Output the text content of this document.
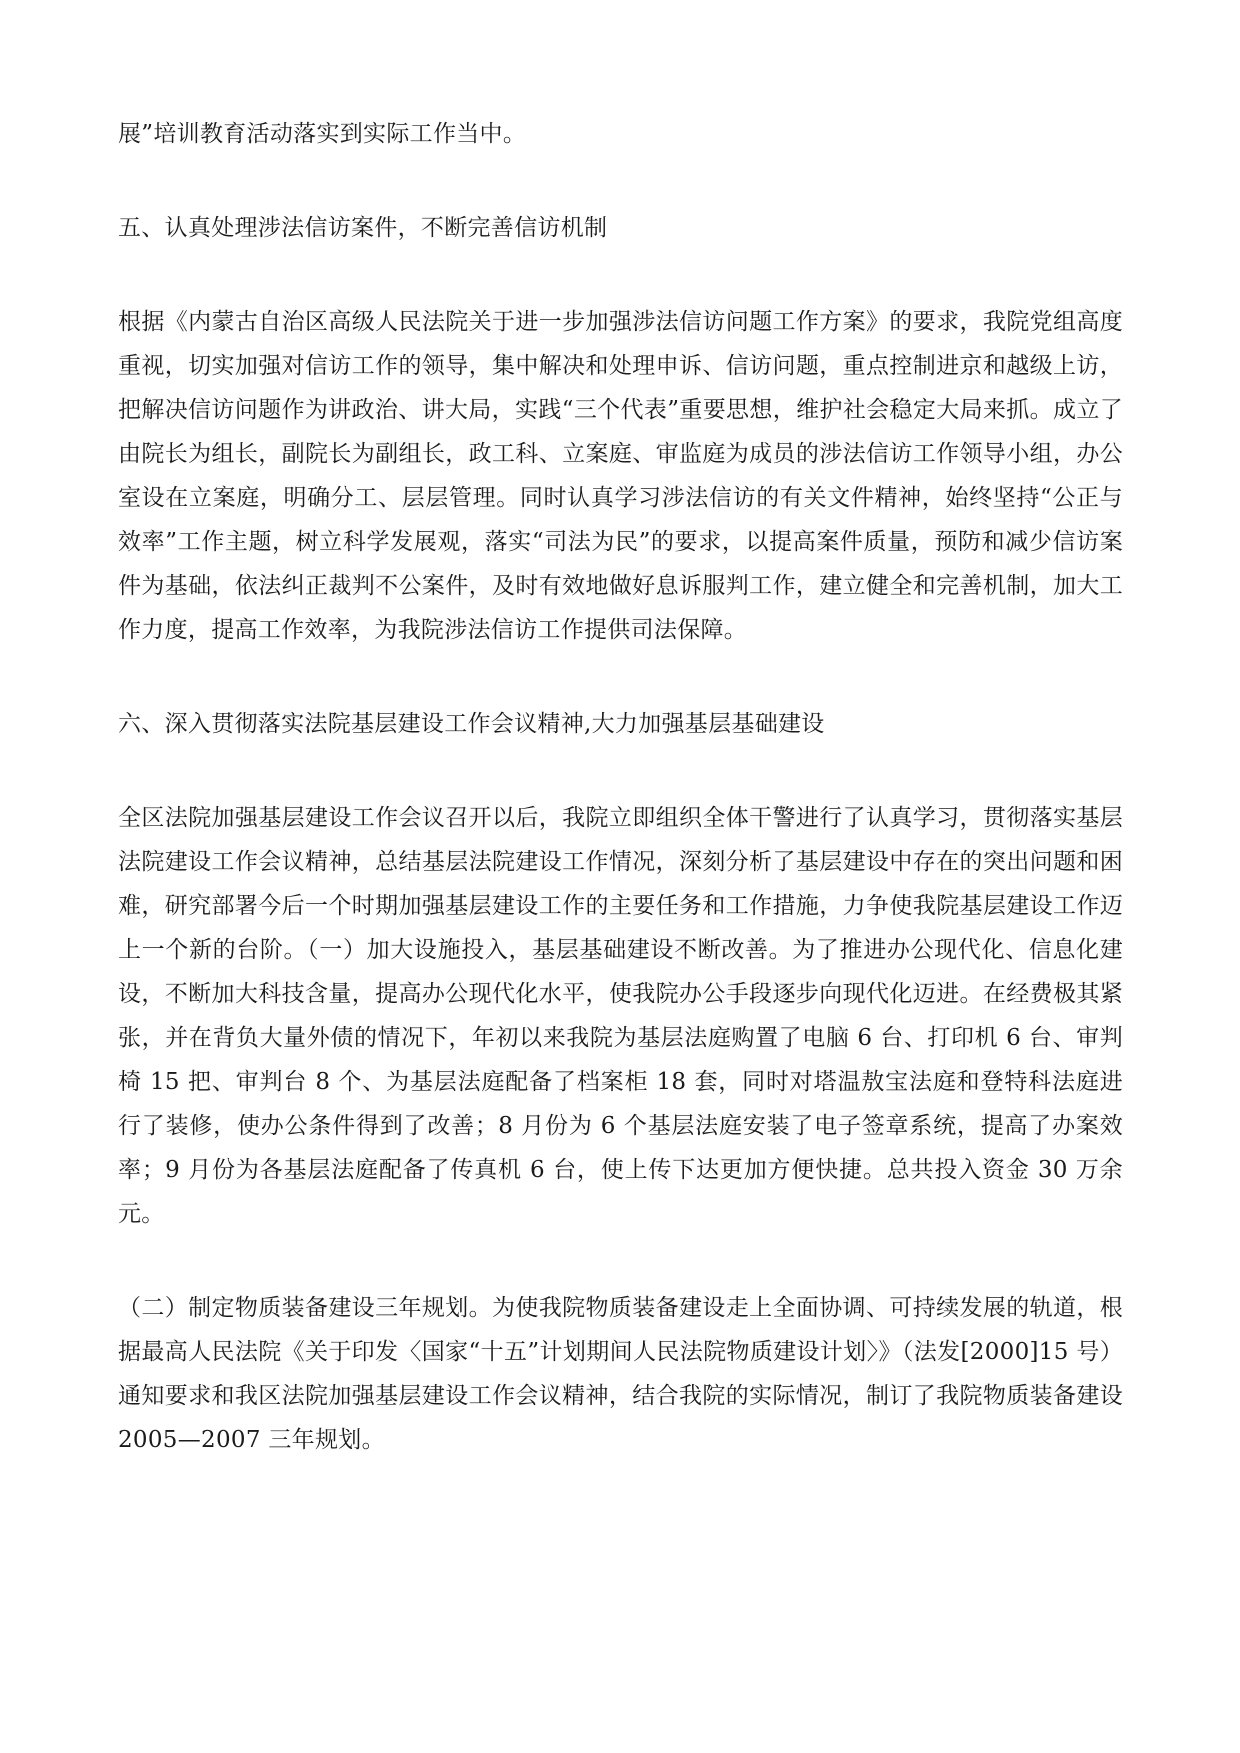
展”培训教育活动落实到实际工作当中。

五、认真处理涉法信访案件，不断完善信访机制

根据《内蒙古自治区高级人民法院关于进一步加强涉法信访问题工作方案》的要求，我院党组高度重视，切实加强对信访工作的领导，集中解决和处理申诉、信访问题，重点控制进京和越级上访，把解决信访问题作为讲政治、讲大局，实践“三个代表”重要思想，维护社会稳定大局来抓。成立了由院长为组长，副院长为副组长，政工科、立案庭、审监庭为成员的涉法信访工作领导小组，办公室设在立案庭，明确分工、层层管理。同时认真学习涉法信访的有关文件精神，始终坚持“公正与效率”工作主题，树立科学发展观，落实“司法为民”的要求，以提高案件质量，预防和减少信访案件为基础，依法纠正裁判不公案件，及时有效地做好息诉服判工作，建立健全和完善机制，加大工作力度，提高工作效率，为我院涉法信访工作提供司法保障。

六、深入贯彻落实法院基层建设工作会议精神,大力加强基层基础建设

全区法院加强基层建设工作会议召开以后，我院立即组织全体干警进行了认真学习，贯彻落实基层法院建设工作会议精神，总结基层法院建设工作情况，深刻分析了基层建设中存在的突出问题和困难，研究部署今后一个时期加强基层建设工作的主要任务和工作措施，力争使我院基层建设工作迈上一个新的台阶。（一）加大设施投入，基层基础建设不断改善。为了推进办公现代化、信息化建设，不断加大科技含量，提高办公现代化水平，使我院办公手段逐步向现代化迈进。在经费极其紧张，并在背负大量外债的情况下，年初以来我院为基层法庭购置了电脑 6 台、打印机 6 台、审判椅 15 把、审判台 8 个、为基层法庭配备了档案柜 18 套，同时对塔温敖宝法庭和登特科法庭进行了装修，使办公条件得到了改善；8 月份为 6 个基层法庭安装了电子签章系统，提高了办案效率；9 月份为各基层法庭配备了传真机 6 台，使上传下达更加方便快捷。总共投入资金 30 万余元。

（二）制定物质装备建设三年规划。为使我院物质装备建设走上全面协调、可持续发展的轨道，根据最高人民法院《关于印发〈国家“十五”计划期间人民法院物质建设计划〉》（法发[2000]15 号）通知要求和我区法院加强基层建设工作会议精神，结合我院的实际情况，制订了我院物质装备建设 2005—2007 三年规划。
